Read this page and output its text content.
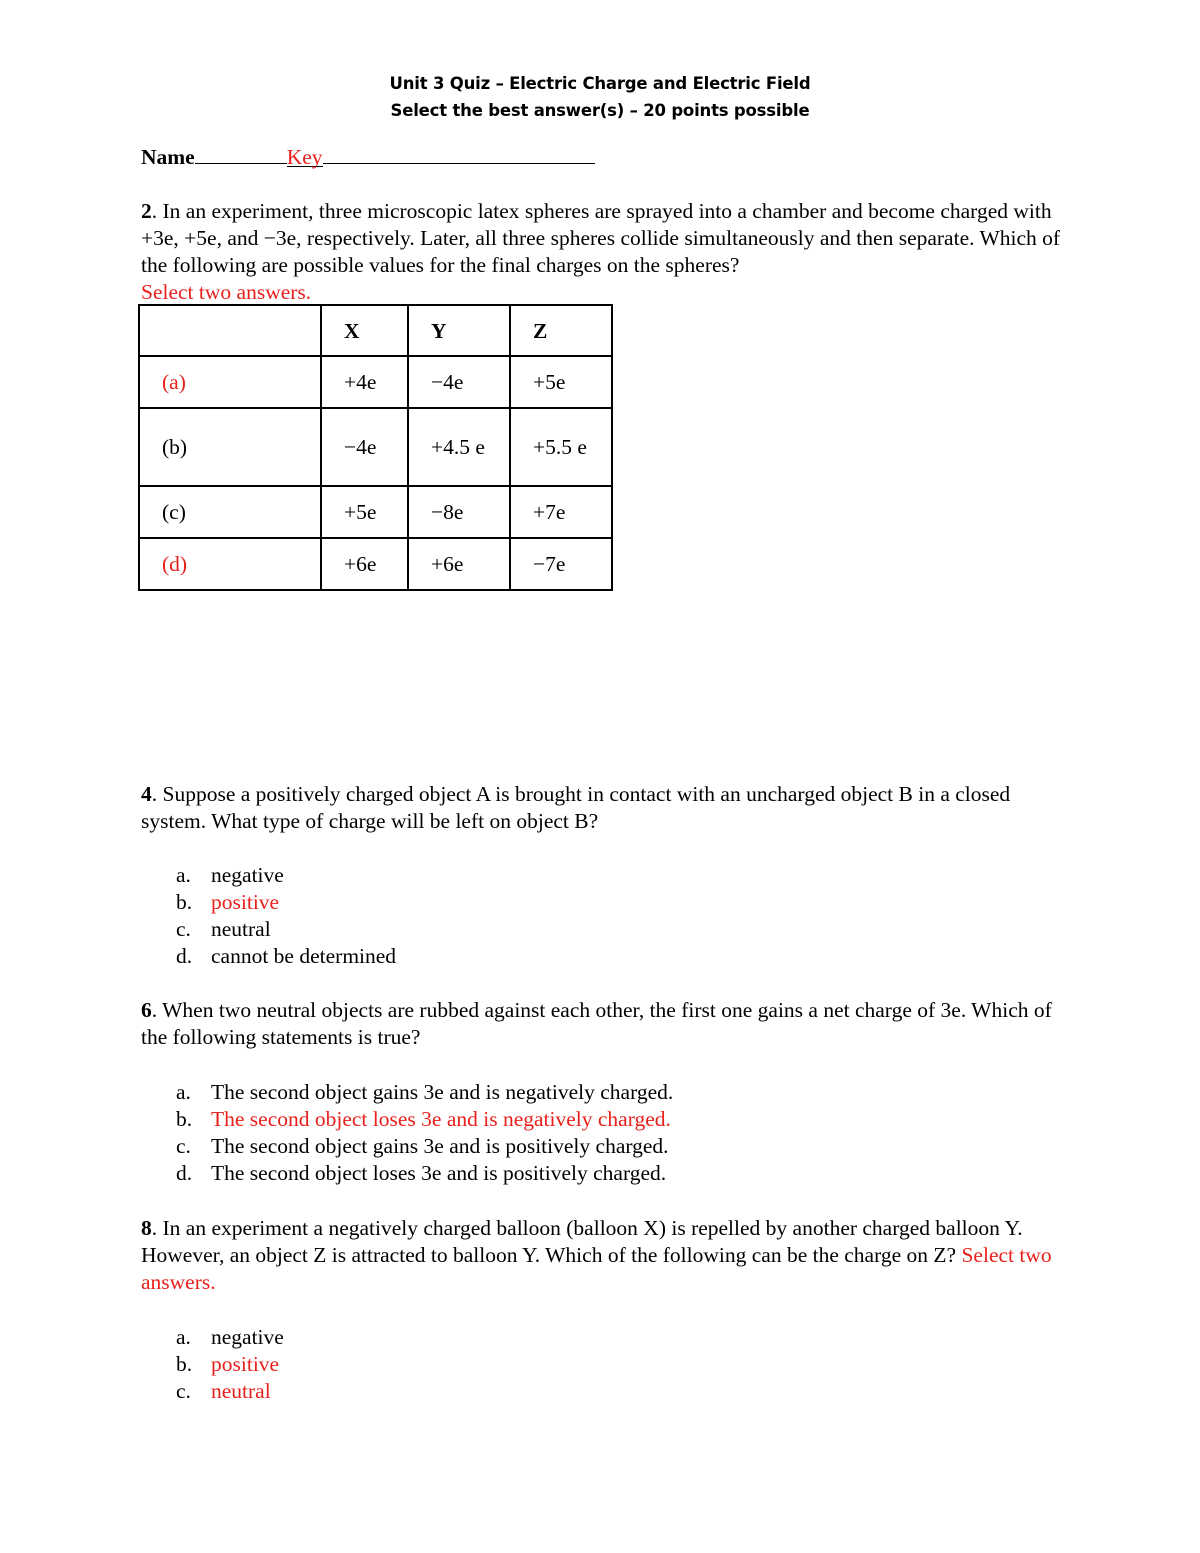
Unit 3 Quiz – Electric Charge and Electric Field
Select the best answer(s) – 20 points possible
Name	Key
2. In an experiment, three microscopic latex spheres are sprayed into a chamber and become charged with +3e, +5e, and −3e, respectively. Later, all three spheres collide simultaneously and then separate. Which of the following are possible values for the final charges on the spheres?
Select two answers.
	X	Y	Z
(a)	+4e	−4e	+5e
(b)	−4e	+4.5 e	+5.5 e
(c)	+5e	−8e	+7e
(d)	+6e	+6e	−7e
4. Suppose a positively charged object A is brought in contact with an uncharged object B in a closed system. What type of charge will be left on object B?
a. negative
b. positive
c. neutral
d. cannot be determined
6. When two neutral objects are rubbed against each other, the first one gains a net charge of 3e. Which of the following statements is true?
a. The second object gains 3e and is negatively charged.
b. The second object loses 3e and is negatively charged.
c. The second object gains 3e and is positively charged.
d. The second object loses 3e and is positively charged.
8. In an experiment a negatively charged balloon (balloon X) is repelled by another charged balloon Y. However, an object Z is attracted to balloon Y. Which of the following can be the charge on Z? Select two answers.
a. negative
b. positive
c. neutral
